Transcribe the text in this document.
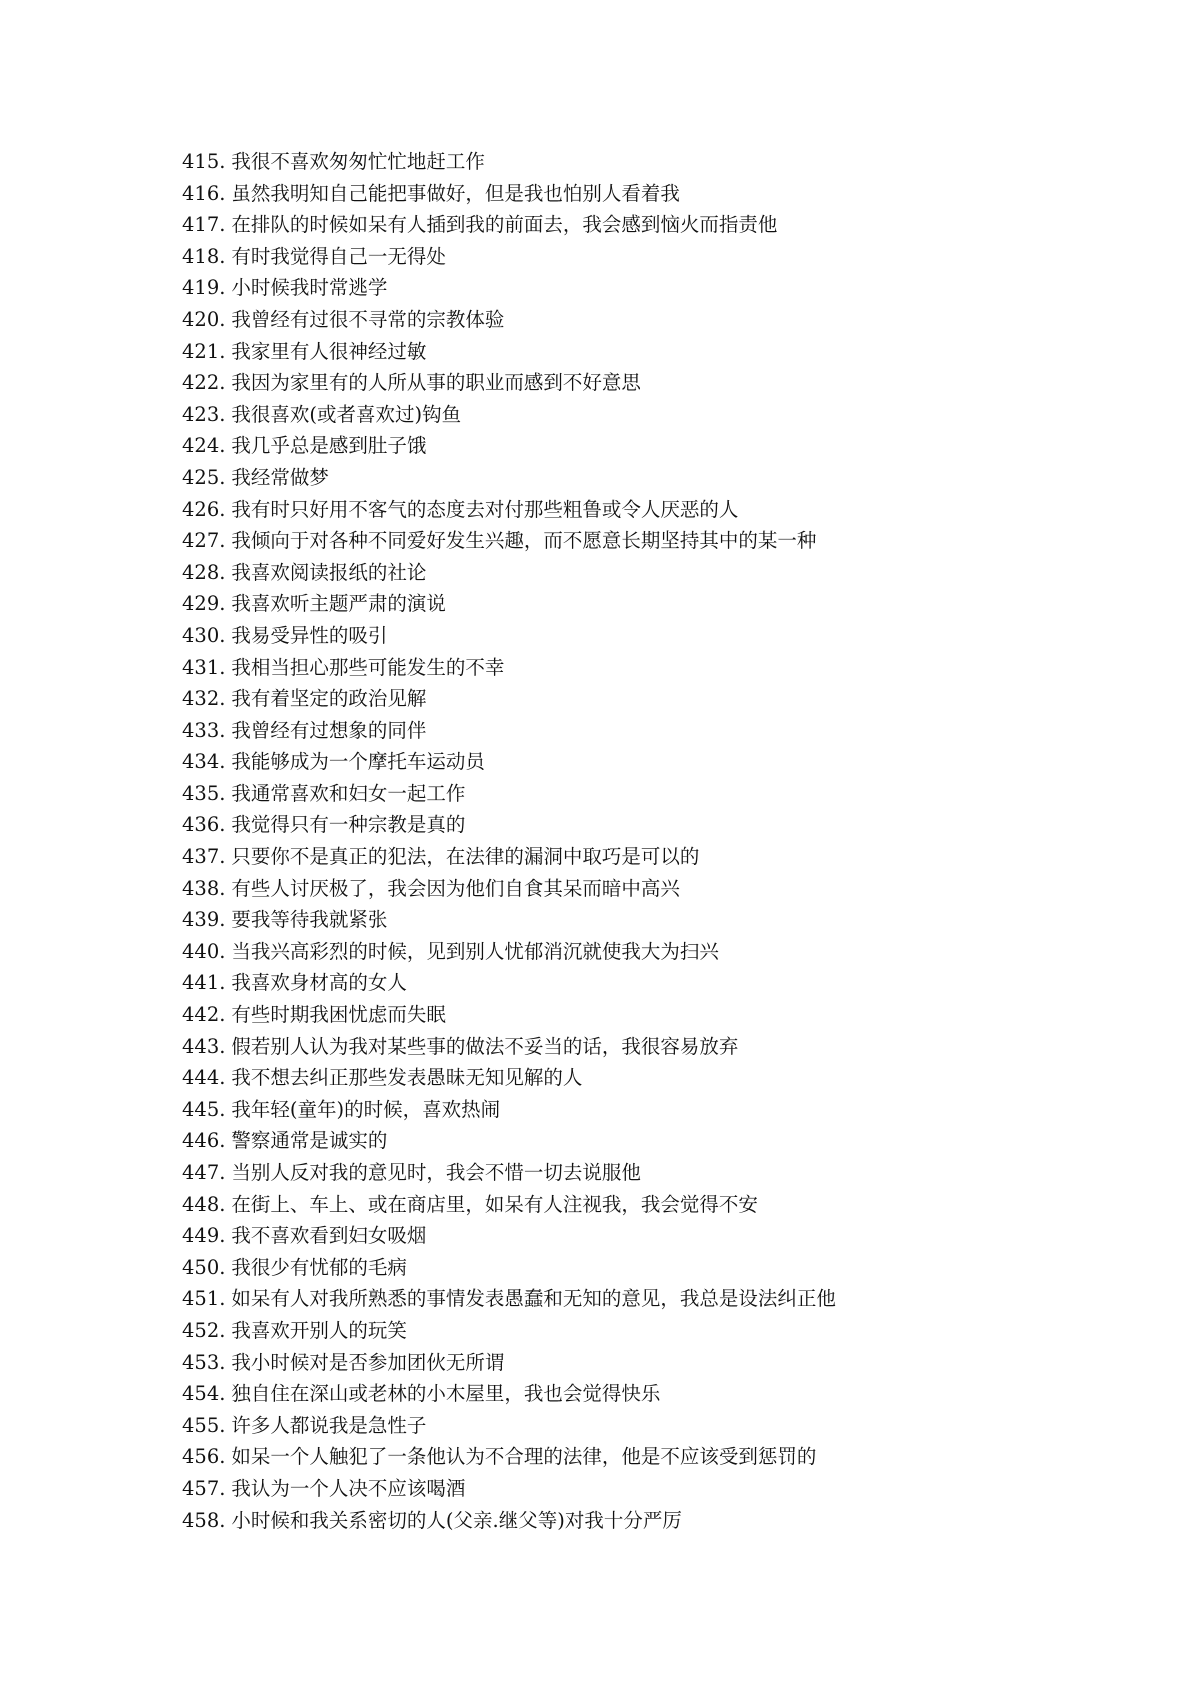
415. 我很不喜欢匆匆忙忙地赶工作
416. 虽然我明知自己能把事做好，但是我也怕别人看着我
417. 在排队的时候如呆有人插到我的前面去，我会感到恼火而指责他
418. 有时我觉得自己一无得处
419. 小时候我时常逃学
420. 我曾经有过很不寻常的宗教体验
421. 我家里有人很神经过敏
422. 我因为家里有的人所从事的职业而感到不好意思
423. 我很喜欢(或者喜欢过)钩鱼
424. 我几乎总是感到肚子饿
425. 我经常做梦
426. 我有时只好用不客气的态度去对付那些粗鲁或令人厌恶的人
427. 我倾向于对各种不同爱好发生兴趣，而不愿意长期坚持其中的某一种
428. 我喜欢阅读报纸的社论
429. 我喜欢听主题严肃的演说
430. 我易受异性的吸引
431. 我相当担心那些可能发生的不幸
432. 我有着坚定的政治见解
433. 我曾经有过想象的同伴
434. 我能够成为一个摩托车运动员
435. 我通常喜欢和妇女一起工作
436. 我觉得只有一种宗教是真的
437. 只要你不是真正的犯法，在法律的漏洞中取巧是可以的
438. 有些人讨厌极了，我会因为他们自食其呆而暗中高兴
439. 要我等待我就紧张
440. 当我兴高彩烈的时候，见到别人忧郁消沉就使我大为扫兴
441. 我喜欢身材高的女人
442. 有些时期我困忧虑而失眠
443. 假若别人认为我对某些事的做法不妥当的话，我很容易放弃
444. 我不想去纠正那些发表愚昧无知见解的人
445. 我年轻(童年)的时候，喜欢热闹
446. 警察通常是诚实的
447. 当别人反对我的意见时，我会不惜一切去说服他
448. 在街上、车上、或在商店里，如呆有人注视我，我会觉得不安
449. 我不喜欢看到妇女吸烟
450. 我很少有忧郁的毛病
451. 如呆有人对我所熟悉的事情发表愚蠢和无知的意见，我总是设法纠正他
452. 我喜欢开别人的玩笑
453. 我小时候对是否参加团伙无所谓
454. 独自住在深山或老林的小木屋里，我也会觉得快乐
455. 许多人都说我是急性子
456. 如呆一个人触犯了一条他认为不合理的法律，他是不应该受到惩罚的
457. 我认为一个人决不应该喝酒
458. 小时候和我关系密切的人(父亲.继父等)对我十分严厉
